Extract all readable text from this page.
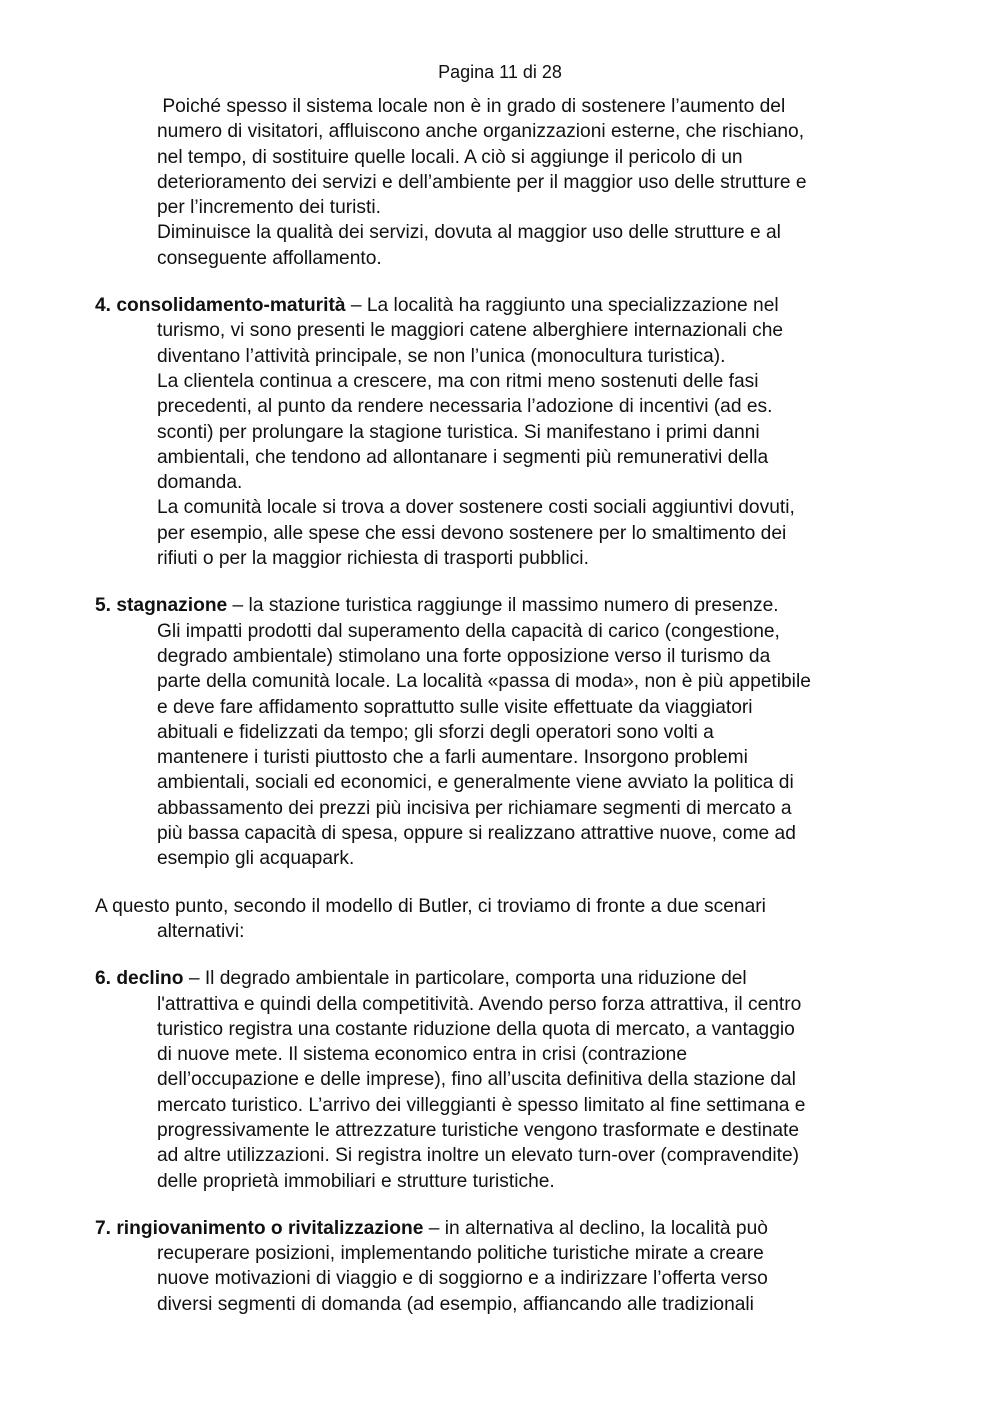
Pagina 11 di 28
Poiché spesso il sistema locale non è in grado di sostenere l’aumento del
numero di visitatori, affluiscono anche organizzazioni esterne, che rischiano,
nel tempo, di sostituire quelle locali. A ciò si aggiunge il pericolo di un
deterioramento dei servizi e dell’ambiente per il maggior uso delle strutture e
per l’incremento dei turisti.
Diminuisce la qualità dei servizi, dovuta al maggior uso delle strutture e al
conseguente affollamento.
4. consolidamento-maturità – La località ha raggiunto una specializzazione nel
turismo, vi sono presenti le maggiori catene alberghiere internazionali che
diventano l’attività principale, se non l’unica (monocultura turistica).
La clientela continua a crescere, ma con ritmi meno sostenuti delle fasi
precedenti, al punto da rendere necessaria l’adozione di incentivi (ad es.
sconti) per prolungare la stagione turistica. Si manifestano i primi danni
ambientali, che tendono ad allontanare i segmenti più remunerativi della
domanda.
La comunità locale si trova a dover sostenere costi sociali aggiuntivi dovuti,
per esempio, alle spese che essi devono sostenere per lo smaltimento dei
rifiuti o per la maggior richiesta di trasporti pubblici.
5. stagnazione – la stazione turistica raggiunge il massimo numero di presenze.
Gli impatti prodotti dal superamento della capacità di carico (congestione,
degrado ambientale) stimolano una forte opposizione verso il turismo da
parte della comunità locale. La località «passa di moda», non è più appetibile
e deve fare affidamento soprattutto sulle visite effettuate da viaggiatori
abituali e fidelizzati da tempo; gli sforzi degli operatori sono volti a
mantenere i turisti piuttosto che a farli aumentare. Insorgono problemi
ambientali, sociali ed economici, e generalmente viene avviato la politica di
abbassamento dei prezzi più incisiva per richiamare segmenti di mercato a
più bassa capacità di spesa, oppure si realizzano attrattive nuove, come ad
esempio gli acquapark.
A questo punto, secondo il modello di Butler, ci troviamo di fronte a due scenari
alternativi:
6. declino – Il degrado ambientale in particolare, comporta una riduzione del
l'attrattiva e quindi della competitività. Avendo perso forza attrattiva, il centro
turistico registra una costante riduzione della quota di mercato, a vantaggio
di nuove mete. Il sistema economico entra in crisi (contrazione
dell’occupazione e delle imprese), fino all’uscita definitiva della stazione dal
mercato turistico. L’arrivo dei villeggianti è spesso limitato al fine settimana e
progressivamente le attrezzature turistiche vengono trasformate e destinate
ad altre utilizzazioni. Si registra inoltre un elevato turn-over (compravendite)
delle proprietà immobiliari e strutture turistiche.
7. ringiovanimento o rivitalizzazione – in alternativa al declino, la località può
recuperare posizioni, implementando politiche turistiche mirate a creare
nuove motivazioni di viaggio e di soggiorno e a indirizzare l’offerta verso
diversi segmenti di domanda (ad esempio, affiancando alle tradizionali
